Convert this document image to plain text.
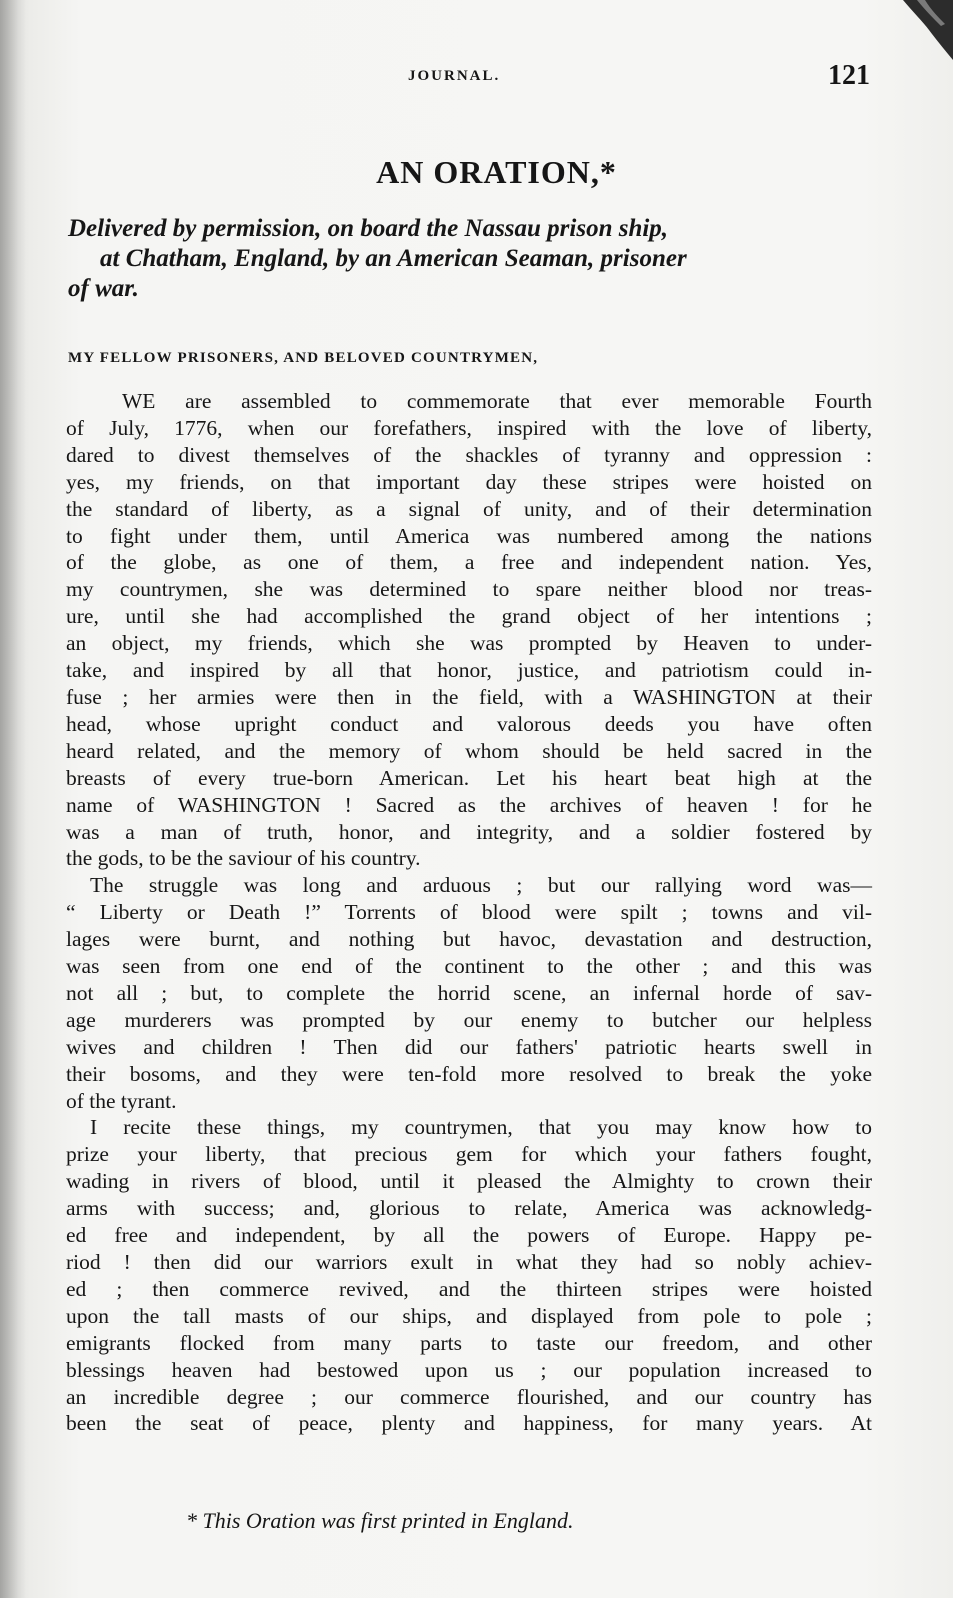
JOURNAL.	121
AN ORATION,*
Delivered by permission, on board the Nassau prison ship,
at Chatham, England, by an American Seaman, prisoner
of war.
MY FELLOW PRISONERS, AND BELOVED COUNTRYMEN,
WE are assembled to commemorate that ever memorable Fourth
of July, 1776, when our forefathers, inspired with the love of liberty,
dared to divest themselves of the shackles of tyranny and oppression :
yes, my friends, on that important day these stripes were hoisted on
the standard of liberty, as a signal of unity, and of their determination
to fight under them, until America was numbered among the nations
of the globe, as one of them, a free and independent nation. Yes,
my countrymen, she was determined to spare neither blood nor treas-
ure, until she had accomplished the grand object of her intentions ;
an object, my friends, which she was prompted by Heaven to under-
take, and inspired by all that honor, justice, and patriotism could in-
fuse ; her armies were then in the field, with a WASHINGTON at their
head, whose upright conduct and valorous deeds you have often
heard related, and the memory of whom should be held sacred in the
breasts of every true-born American. Let his heart beat high at the
name of WASHINGTON ! Sacred as the archives of heaven ! for he
was a man of truth, honor, and integrity, and a soldier fostered by
the gods, to be the saviour of his country.
The struggle was long and arduous ; but our rallying word was—
“ Liberty or Death !” Torrents of blood were spilt ; towns and vil-
lages were burnt, and nothing but havoc, devastation and destruction,
was seen from one end of the continent to the other ; and this was
not all ; but, to complete the horrid scene, an infernal horde of sav-
age murderers was prompted by our enemy to butcher our helpless
wives and children ! Then did our fathers' patriotic hearts swell in
their bosoms, and they were ten-fold more resolved to break the yoke
of the tyrant.
I recite these things, my countrymen, that you may know how to
prize your liberty, that precious gem for which your fathers fought,
wading in rivers of blood, until it pleased the Almighty to crown their
arms with success; and, glorious to relate, America was acknowledg-
ed free and independent, by all the powers of Europe. Happy pe-
riod ! then did our warriors exult in what they had so nobly achiev-
ed ; then commerce revived, and the thirteen stripes were hoisted
upon the tall masts of our ships, and displayed from pole to pole ;
emigrants flocked from many parts to taste our freedom, and other
blessings heaven had bestowed upon us ; our population increased to
an incredible degree ; our commerce flourished, and our country has
been the seat of peace, plenty and happiness, for many years. At
* This Oration was first printed in England.
